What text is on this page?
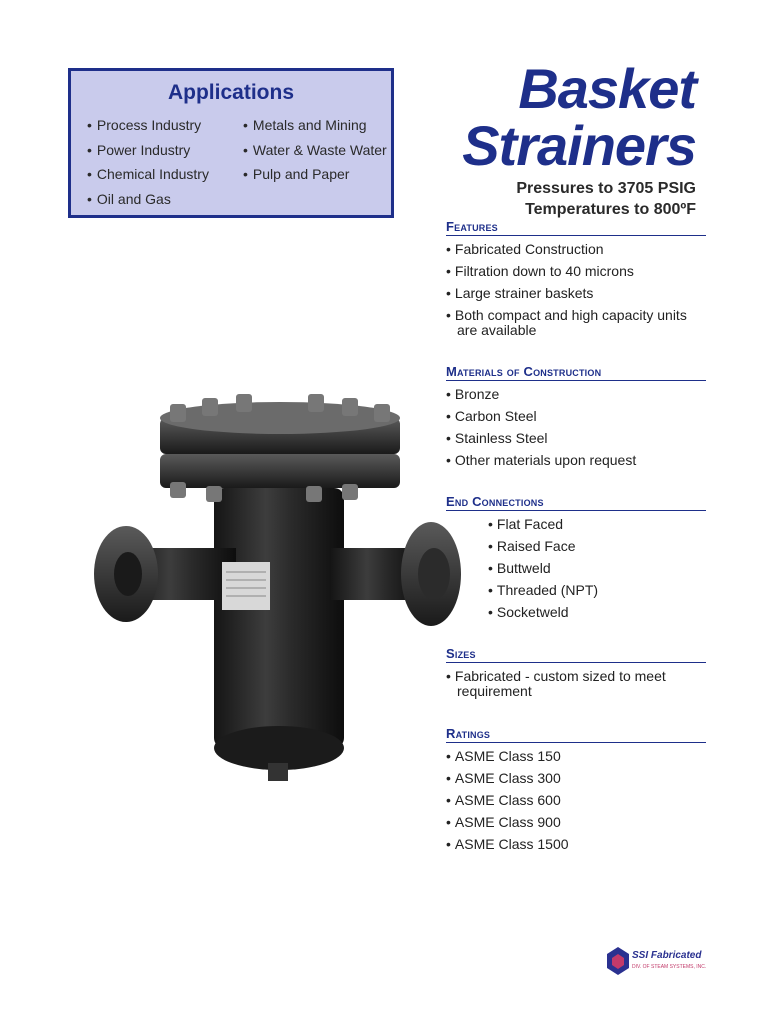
Applications
• Process Industry
• Power Industry
• Chemical Industry
• Oil and Gas
• Metals and Mining
• Water & Waste Water
• Pulp and Paper
Basket
Strainers
Pressures to 3705 PSIG
Temperatures to 800ºF
Features
• Fabricated Construction
• Filtration down to 40 microns
• Large strainer baskets
• Both compact and high capacity units are available
Materials of Construction
• Bronze
• Carbon Steel
• Stainless Steel
• Other materials upon request
End Connections
• Flat Faced
• Raised Face
• Buttweld
• Threaded (NPT)
• Socketweld
Sizes
• Fabricated - custom sized to meet requirement
Ratings
• ASME Class 150
• ASME Class 300
• ASME Class 600
• ASME Class 900
• ASME Class 1500
SSI Fabricated
DIV. OF STEAM SYSTEMS, INC.
